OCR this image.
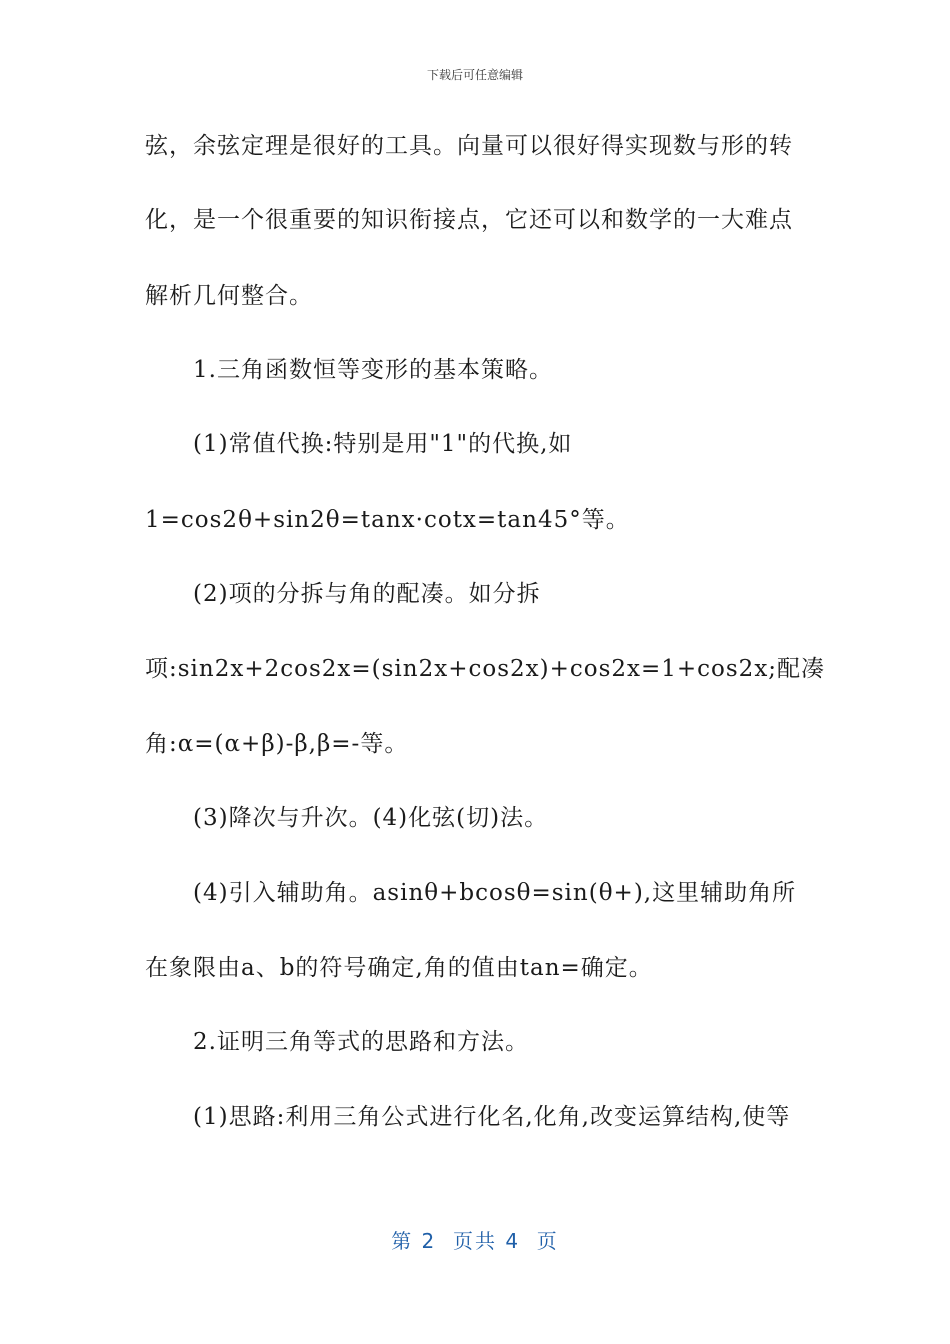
下载后可任意编辑
弦，余弦定理是很好的工具。向量可以很好得实现数与形的转
化，是一个很重要的知识衔接点，它还可以和数学的一大难点
解析几何整合。
1.三角函数恒等变形的基本策略。
(1)常值代换:特别是用"1"的代换,如
1=cos2θ+sin2θ=tanx·cotx=tan45°等。
(2)项的分拆与角的配凑。如分拆
项:sin2x+2cos2x=(sin2x+cos2x)+cos2x=1+cos2x;配凑
角:α=(α+β)-β,β=-等。
(3)降次与升次。(4)化弦(切)法。
(4)引入辅助角。asinθ+bcosθ=sin(θ+),这里辅助角所
在象限由a、b的符号确定,角的值由tan=确定。
2.证明三角等式的思路和方法。
(1)思路:利用三角公式进行化名,化角,改变运算结构,使等
第 2  页共 4  页
